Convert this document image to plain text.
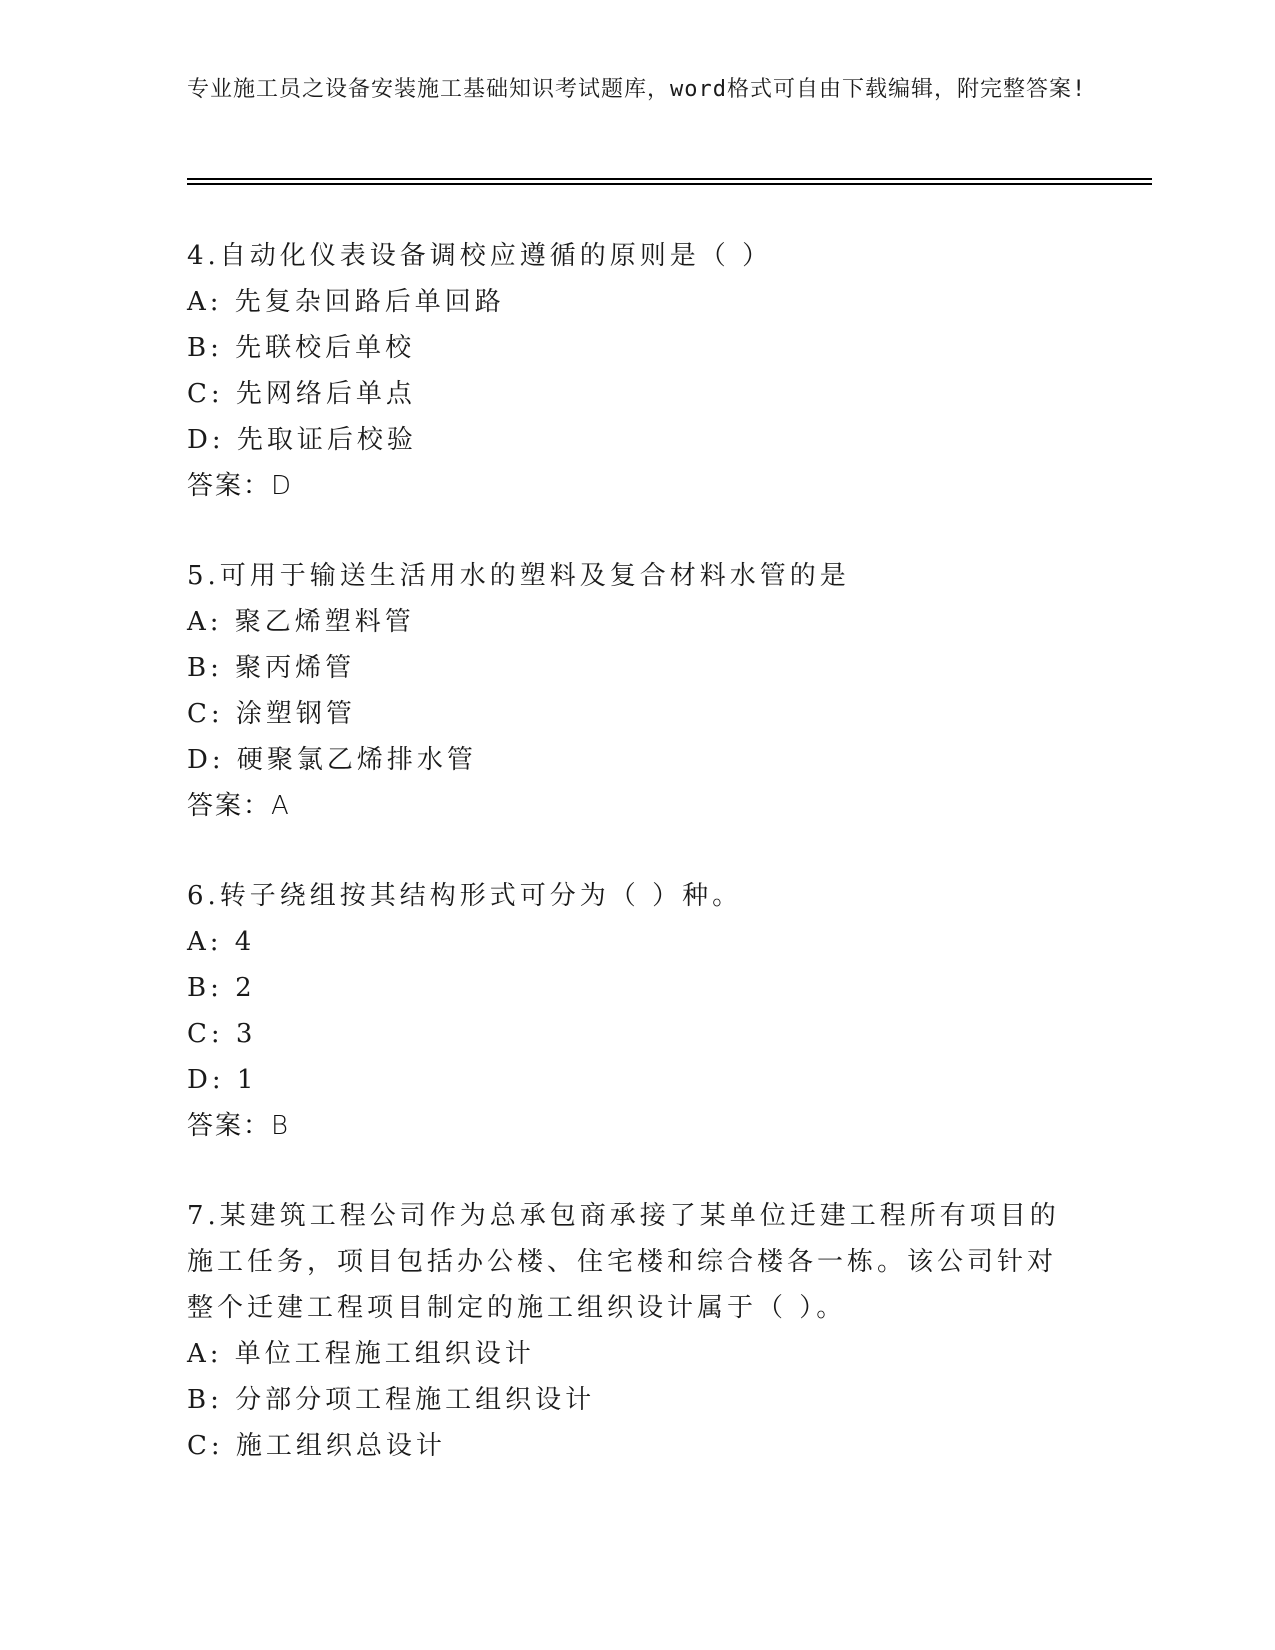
专业施工员之设备安装施工基础知识考试题库，word格式可自由下载编辑，附完整答案!
4.自动化仪表设备调校应遵循的原则是（ ）
A: 先复杂回路后单回路
B: 先联校后单校
C: 先网络后单点
D: 先取证后校验
答案：D
5.可用于输送生活用水的塑料及复合材料水管的是
A: 聚乙烯塑料管
B: 聚丙烯管
C: 涂塑钢管
D: 硬聚氯乙烯排水管
答案：A
6.转子绕组按其结构形式可分为（ ）种。
A: 4
B: 2
C: 3
D: 1
答案：B
7.某建筑工程公司作为总承包商承接了某单位迁建工程所有项目的施工任务，项目包括办公楼、住宅楼和综合楼各一栋。该公司针对整个迁建工程项目制定的施工组织设计属于（ ）。
A: 单位工程施工组织设计
B: 分部分项工程施工组织设计
C: 施工组织总设计
